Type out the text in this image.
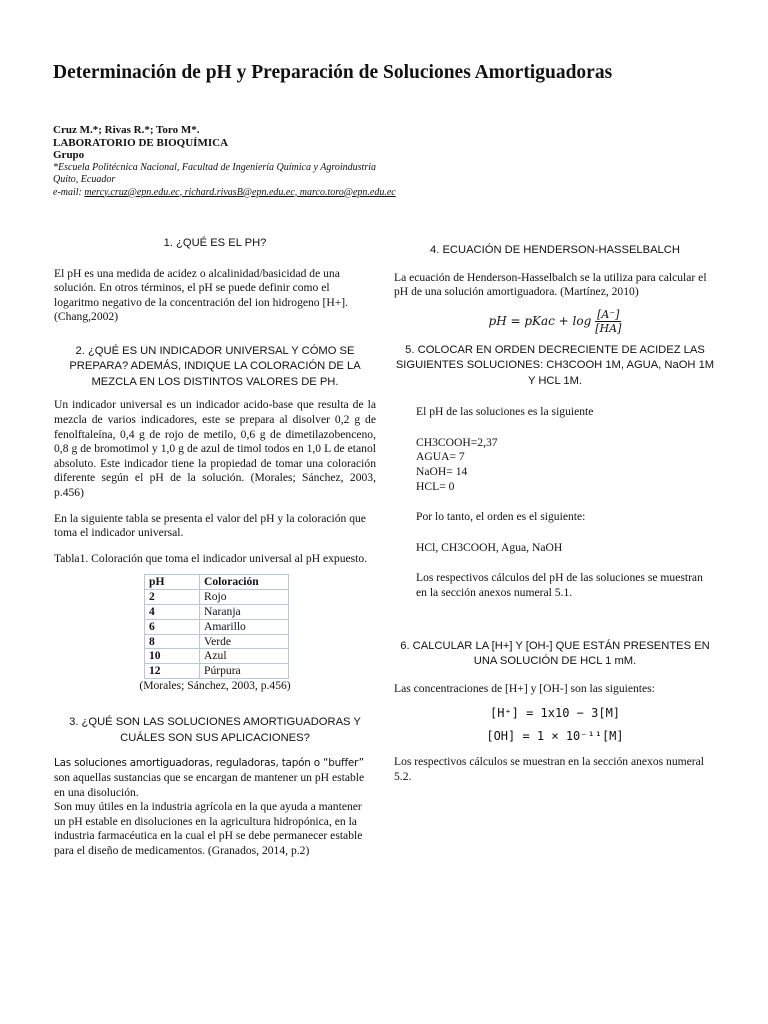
Determinación de pH y Preparación de Soluciones Amortiguadoras
Cruz M.*; Rivas R.*; Toro M*.
LABORATORIO DE BIOQUÍMICA
Grupo
*Escuela Politécnica Nacional, Facultad de Ingeniería Química y Agroindustria
Quito, Ecuador
e-mail: mercy.cruz@epn.edu.ec, richard.rivasB@epn.edu.ec, marco.toro@epn.edu.ec

1. ¿QUÉ ES EL PH?

El pH es una medida de acidez o alcalinidad/basicidad de una solución. En otros términos, el pH se puede definir como el logaritmo negativo de la concentración del ion hidrogeno [H+]. (Chang,2002)

2. ¿QUÉ ES UN INDICADOR UNIVERSAL Y CÓMO SE PREPARA? ADEMÁS, INDIQUE LA COLORACIÓN DE LA MEZCLA EN LOS DISTINTOS VALORES DE PH.

Un indicador universal es un indicador acido-base que resulta de la mezcla de varios indicadores, este se prepara al disolver 0,2 g de fenolftaleína, 0,4 g de rojo de metilo, 0,6 g de dimetilazobenceno, 0,8 g de bromotimol y 1,0 g de azul de timol todos en 1,0 L de etanol absoluto. Este indicador tiene la propiedad de tomar una coloración diferente según el pH de la solución. (Morales; Sánchez, 2003, p.456)

En la siguiente tabla se presenta el valor del pH y la coloración que toma el indicador universal.

Tabla1. Coloración que toma el indicador universal al pH expuesto.

pH	Coloración
2	Rojo
4	Naranja
6	Amarillo
8	Verde
10	Azul
12	Púrpura

(Morales; Sánchez, 2003, p.456)

3. ¿QUÉ SON LAS SOLUCIONES AMORTIGUADORAS Y CUÁLES SON SUS APLICACIONES?

Las soluciones amortiguadoras, reguladoras, tapón o “buffer”

son aquellas sustancias que se encargan de mantener un pH estable en una disolución.

Son muy útiles en la industria agrícola en la que ayuda a mantener un pH estable en disoluciones en la agricultura hidropónica, en la industria farmacéutica en la cual el pH se debe permanecer estable para el diseño de medicamentos. (Granados, 2014, p.2)

4. ECUACIÓN DE HENDERSON-HASSELBALCH

La ecuación de Henderson-Hasselbalch se la utiliza para calcular el pH de una solución amortiguadora. (Martínez, 2010)

pH = pKac + $\log \frac{[A^-]}{[HA]}$

5. COLOCAR EN ORDEN DECRECIENTE DE ACIDEZ LAS SIGUIENTES SOLUCIONES: CH3COOH 1M, AGUA, NaOH 1M Y HCL 1M.

El pH de las soluciones es la siguiente

CH3COOH=2,37

AGUA= 7

NaOH= 14

HCL= 0

Por lo tanto, el orden es el siguiente:

HCl, CH3COOH, Agua, NaOH

Los respectivos cálculos del pH de las soluciones se muestran en la sección anexos numeral 5.1.

6. CALCULAR LA [H+] Y [OH-] QUE ESTÁN PRESENTES EN UNA SOLUCIÓN DE HCL 1 mM.

Las concentraciones de [H+] y [OH-] son las siguientes:

[H⁺] = 1x10 − 3[M]
[OH] = 1 × 10⁻¹¹[M]

Los respectivos cálculos se muestran en la sección anexos numeral 5.2.
